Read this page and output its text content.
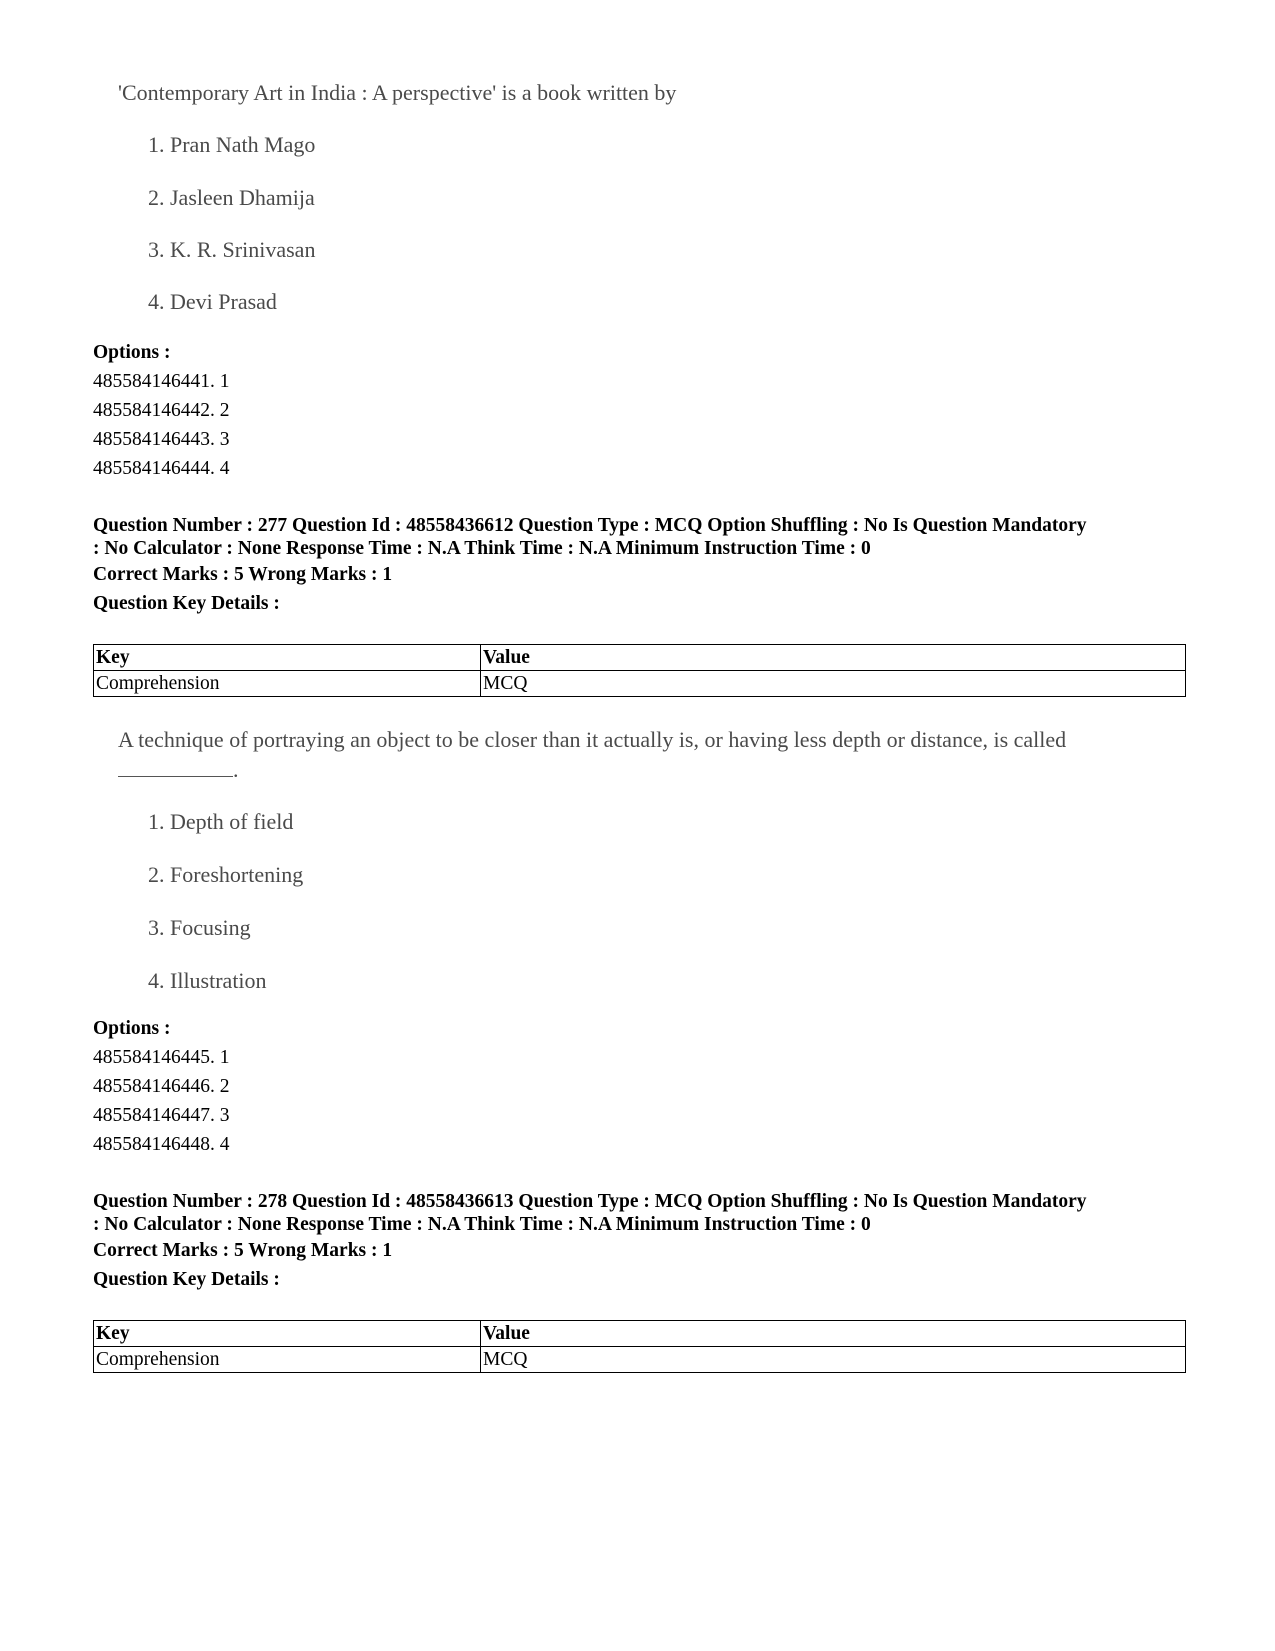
'Contemporary Art in India : A perspective' is a book written by
1. Pran Nath Mago
2. Jasleen Dhamija
3. K. R. Srinivasan
4. Devi Prasad
Options :
485584146441. 1
485584146442. 2
485584146443. 3
485584146444. 4
Question Number : 277 Question Id : 48558436612 Question Type : MCQ Option Shuffling : No Is Question Mandatory
: No Calculator : None Response Time : N.A Think Time : N.A Minimum Instruction Time : 0
Correct Marks : 5 Wrong Marks : 1
Question Key Details :
Key	Value
Comprehension	MCQ
A technique of portraying an object to be closer than it actually is, or having less depth or distance, is called
.
1. Depth of field
2. Foreshortening
3. Focusing
4. Illustration
Options :
485584146445. 1
485584146446. 2
485584146447. 3
485584146448. 4
Question Number : 278 Question Id : 48558436613 Question Type : MCQ Option Shuffling : No Is Question Mandatory
: No Calculator : None Response Time : N.A Think Time : N.A Minimum Instruction Time : 0
Correct Marks : 5 Wrong Marks : 1
Question Key Details :
Key	Value
Comprehension	MCQ
